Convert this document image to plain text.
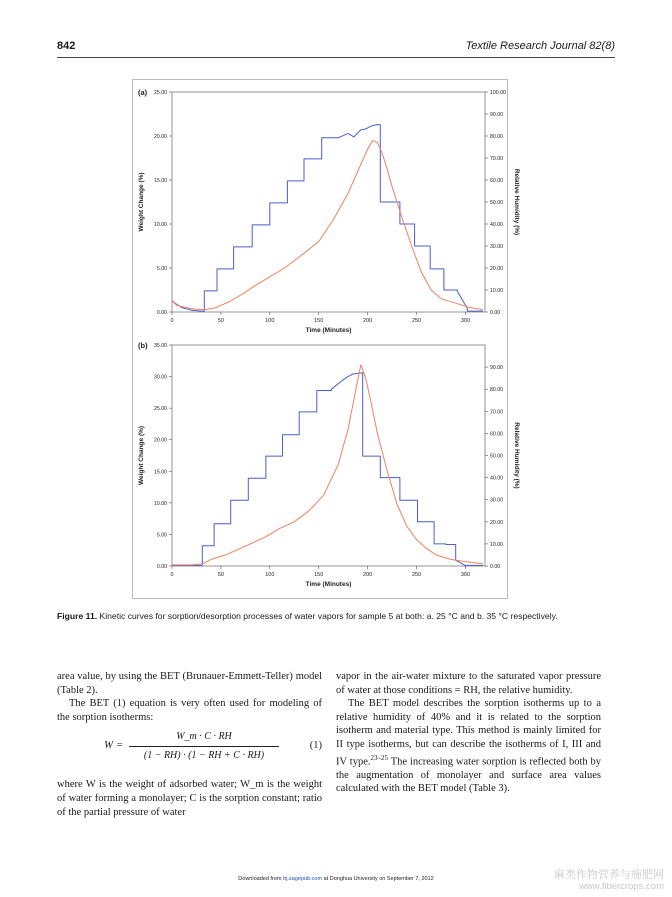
842	Textile Research Journal 82(8)
(a)
0	50	100	150	200	250	300
0.00
5.00
10.00
15.00
20.00
25.00
0.00
10.00
20.00
30.00
40.00
50.00
60.00
70.00
80.00
90.00
100.00
Time (Minutes)
Weight Change (%)	Relative Humidity (%)
(b)
0	50	100	150	200	250	300
0.00
5.00
10.00
15.00
20.00
25.00
30.00
35.00
0.00
10.00
20.00
30.00
40.00
50.00
60.00
70.00
80.00
90.00
Time (Minutes)
Weight Change (%)	Relative Humidity (%)
Figure 11. Kinetic curves for sorption/desorption processes of water vapors for sample 5 at both: a. 25 °C and b. 35 °C respectively.

area value, by using the BET (Brunauer-Emmett-Teller) model (Table 2).

The BET (1) equation is very often used for modeling of the sorption isotherms:

$W = \frac{W\_m \cdot C \cdot RH}{(1 - RH) \cdot (1 - RH + C \cdot RH)}$	(1)

where W is the weight of adsorbed water; W_m is the weight of water forming a monolayer; C is the sorption constant; ratio of the partial pressure of water

vapor in the air-water mixture to the saturated vapor pressure of water at those conditions = RH, the relative humidity.

The BET model describes the sorption isotherms up to a relative humidity of 40% and it is related to the sorption isotherm and material type. This method is mainly limited for II type isotherms, but can describe the isotherms of I, III and IV type.$^{23-25}$ The increasing water sorption is reflected both by the augmentation of monolayer and surface area values calculated with the BET model (Table 3).

Downloaded from trj.sagepub.com at Donghua University on September 7, 2012	麻类作物营养与施肥网
www.fibercrops.com
